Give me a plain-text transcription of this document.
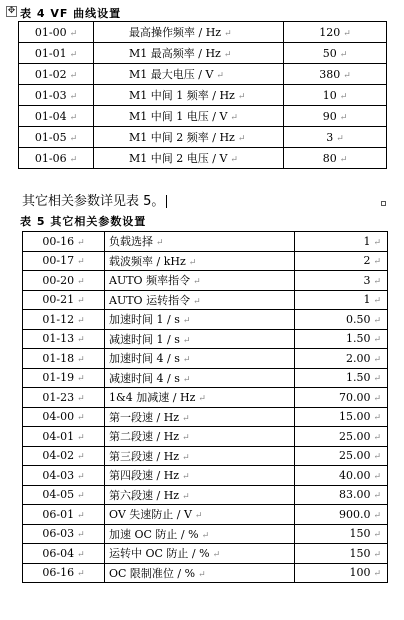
✥ 表 4 VF 曲线设置
01-00 ↵	最高操作频率 / Hz ↵	120 ↵
01-01 ↵	M1 最高频率 / Hz ↵	50 ↵
01-02 ↵	M1 最大电压 / V ↵	380 ↵
01-03 ↵	M1 中间 1 频率 / Hz ↵	10 ↵
01-04 ↵	M1 中间 1 电压 / V ↵	90 ↵
01-05 ↵	M1 中间 2 频率 / Hz ↵	3 ↵
01-06 ↵	M1 中间 2 电压 / V ↵	80 ↵
其它相关参数详见表 5。
表 5 其它相关参数设置
00-16 ↵	负载选择 ↵	1 ↵
00-17 ↵	载波频率 / kHz ↵	2 ↵
00-20 ↵	AUTO 频率指令 ↵	3 ↵
00-21 ↵	AUTO 运转指令 ↵	1 ↵
01-12 ↵	加速时间 1 / s ↵	0.50 ↵
01-13 ↵	减速时间 1 / s ↵	1.50 ↵
01-18 ↵	加速时间 4 / s ↵	2.00 ↵
01-19 ↵	减速时间 4 / s ↵	1.50 ↵
01-23 ↵	1&4 加减速 / Hz ↵	70.00 ↵
04-00 ↵	第一段速 / Hz ↵	15.00 ↵
04-01 ↵	第二段速 / Hz ↵	25.00 ↵
04-02 ↵	第三段速 / Hz ↵	25.00 ↵
04-03 ↵	第四段速 / Hz ↵	40.00 ↵
04-05 ↵	第六段速 / Hz ↵	83.00 ↵
06-01 ↵	OV 失速防止 / V ↵	900.0 ↵
06-03 ↵	加速 OC 防止 / % ↵	150 ↵
06-04 ↵	运转中 OC 防止 / % ↵	150 ↵
06-16 ↵	OC 限制准位 / % ↵	100 ↵
